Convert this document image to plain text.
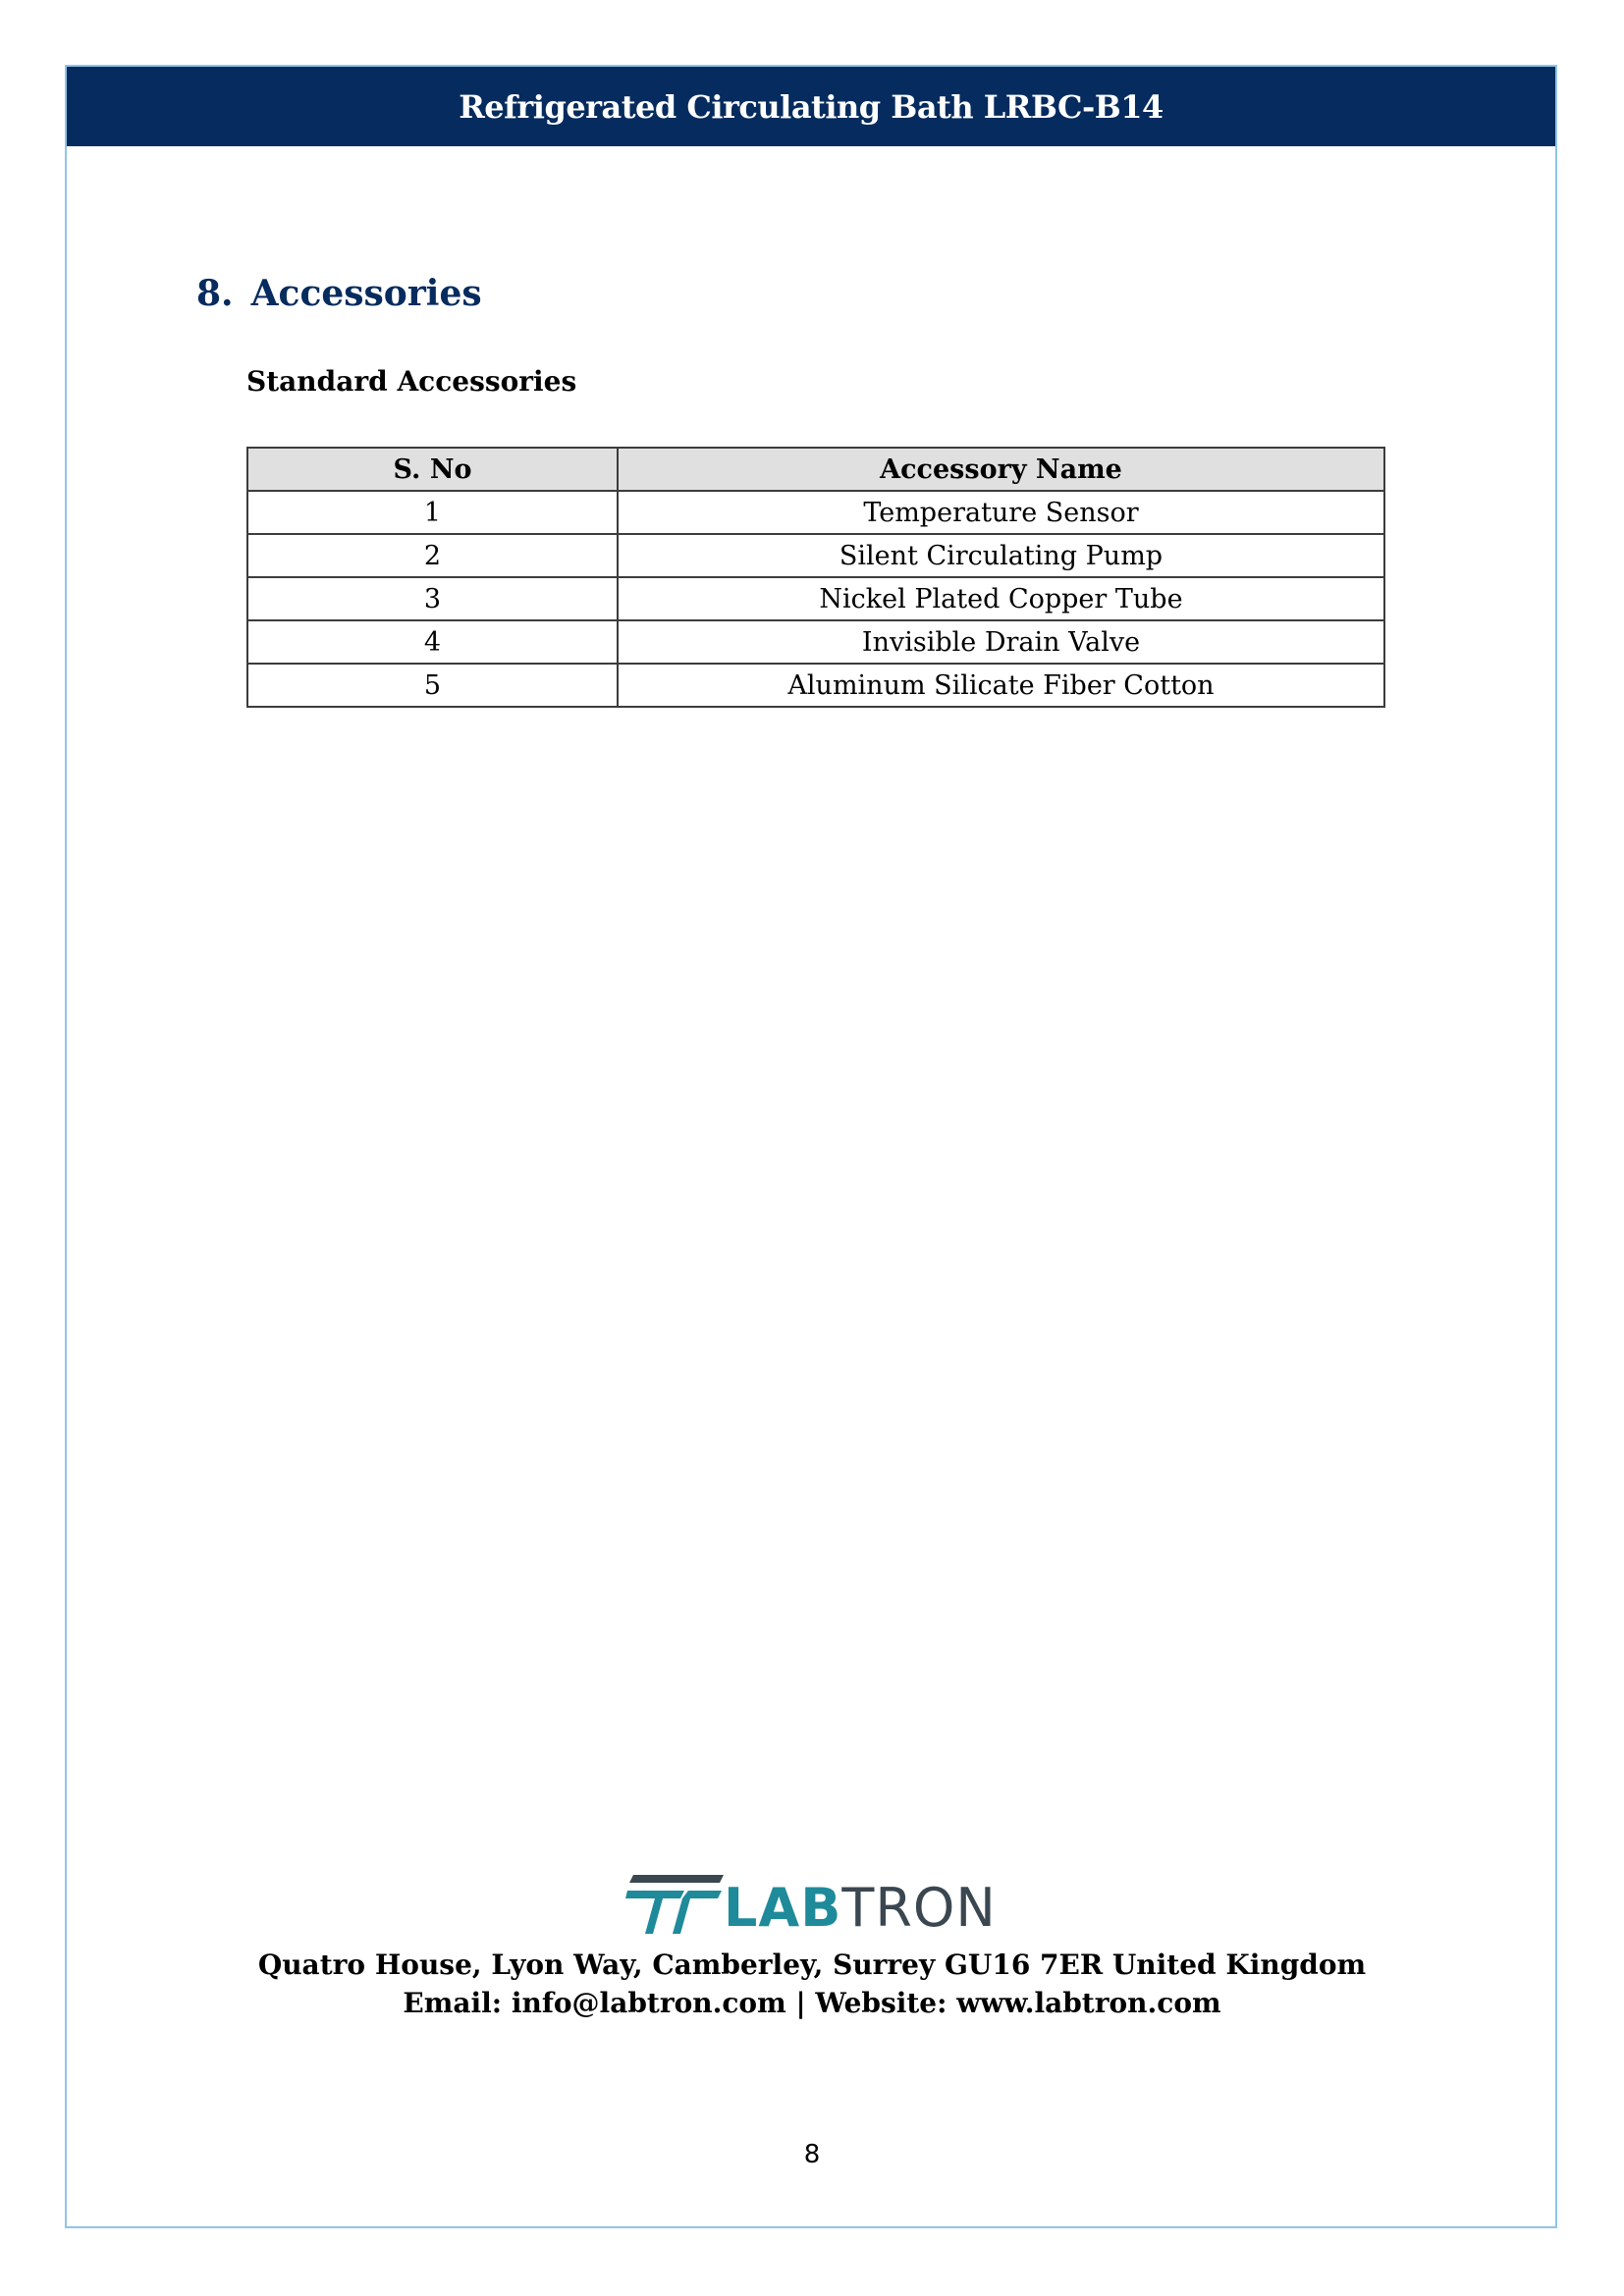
Refrigerated Circulating Bath LRBC-B14
8. Accessories
Standard Accessories
S. No	Accessory Name
1	Temperature Sensor
2	Silent Circulating Pump
3	Nickel Plated Copper Tube
4	Invisible Drain Valve
5	Aluminum Silicate Fiber Cotton
LABTRON
Quatro House, Lyon Way, Camberley, Surrey GU16 7ER United Kingdom
Email: info@labtron.com | Website: www.labtron.com
8
